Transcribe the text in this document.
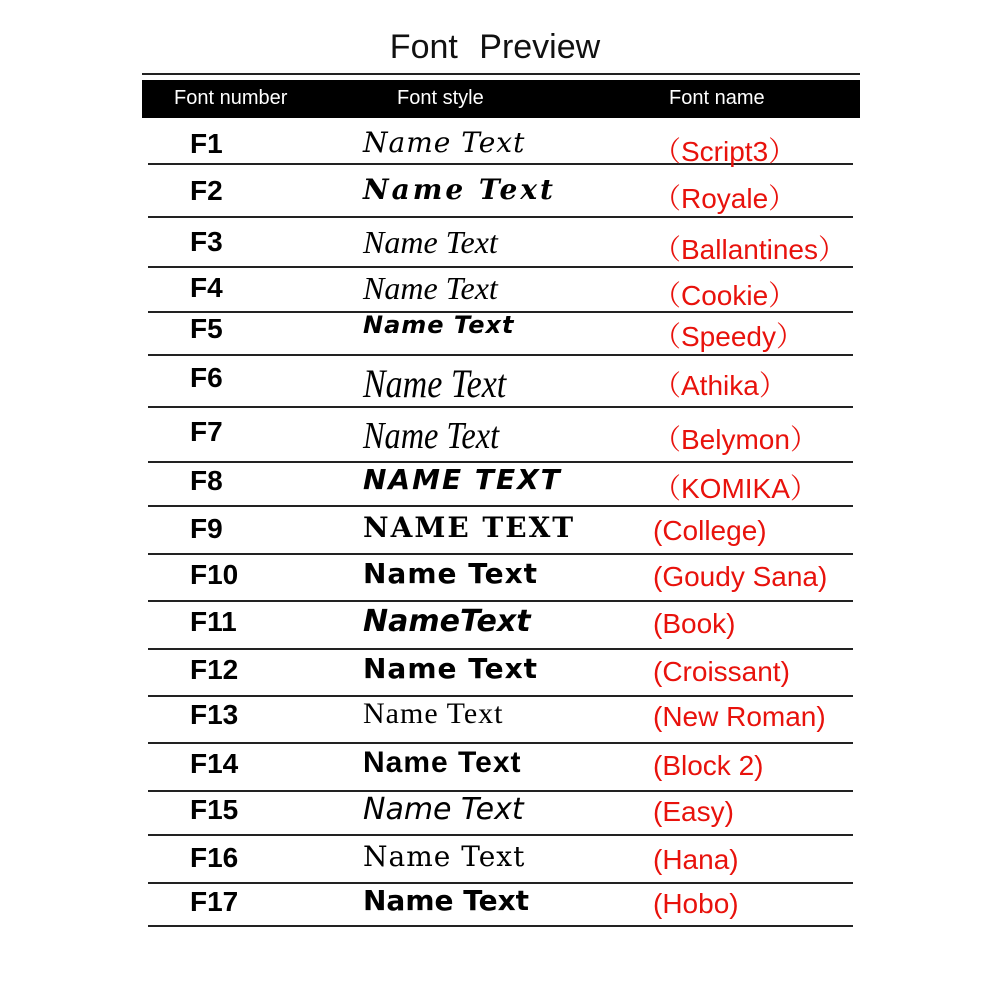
Font Preview
Font number	Font style	Font name
F1	Name Text	（Script3）
F2	Name Text	（Royale）
F3	Name Text	（Ballantines）
F4	Name Text	（Cookie）
F5	Name Text	（Speedy）
F6	Name Text	（Athika）
F7	Name Text	（Belymon）
F8	NAME TEXT	（KOMIKA）
F9	NAME TEXT	(College)
F10	Name Text	(Goudy Sana)
F11	NameText	(Book)
F12	Name Text	(Croissant)
F13	Name Text	(New Roman)
F14	Name Text	(Block 2)
F15	Name Text	(Easy)
F16	Name Text	(Hana)
F17	Name Text	(Hobo)
